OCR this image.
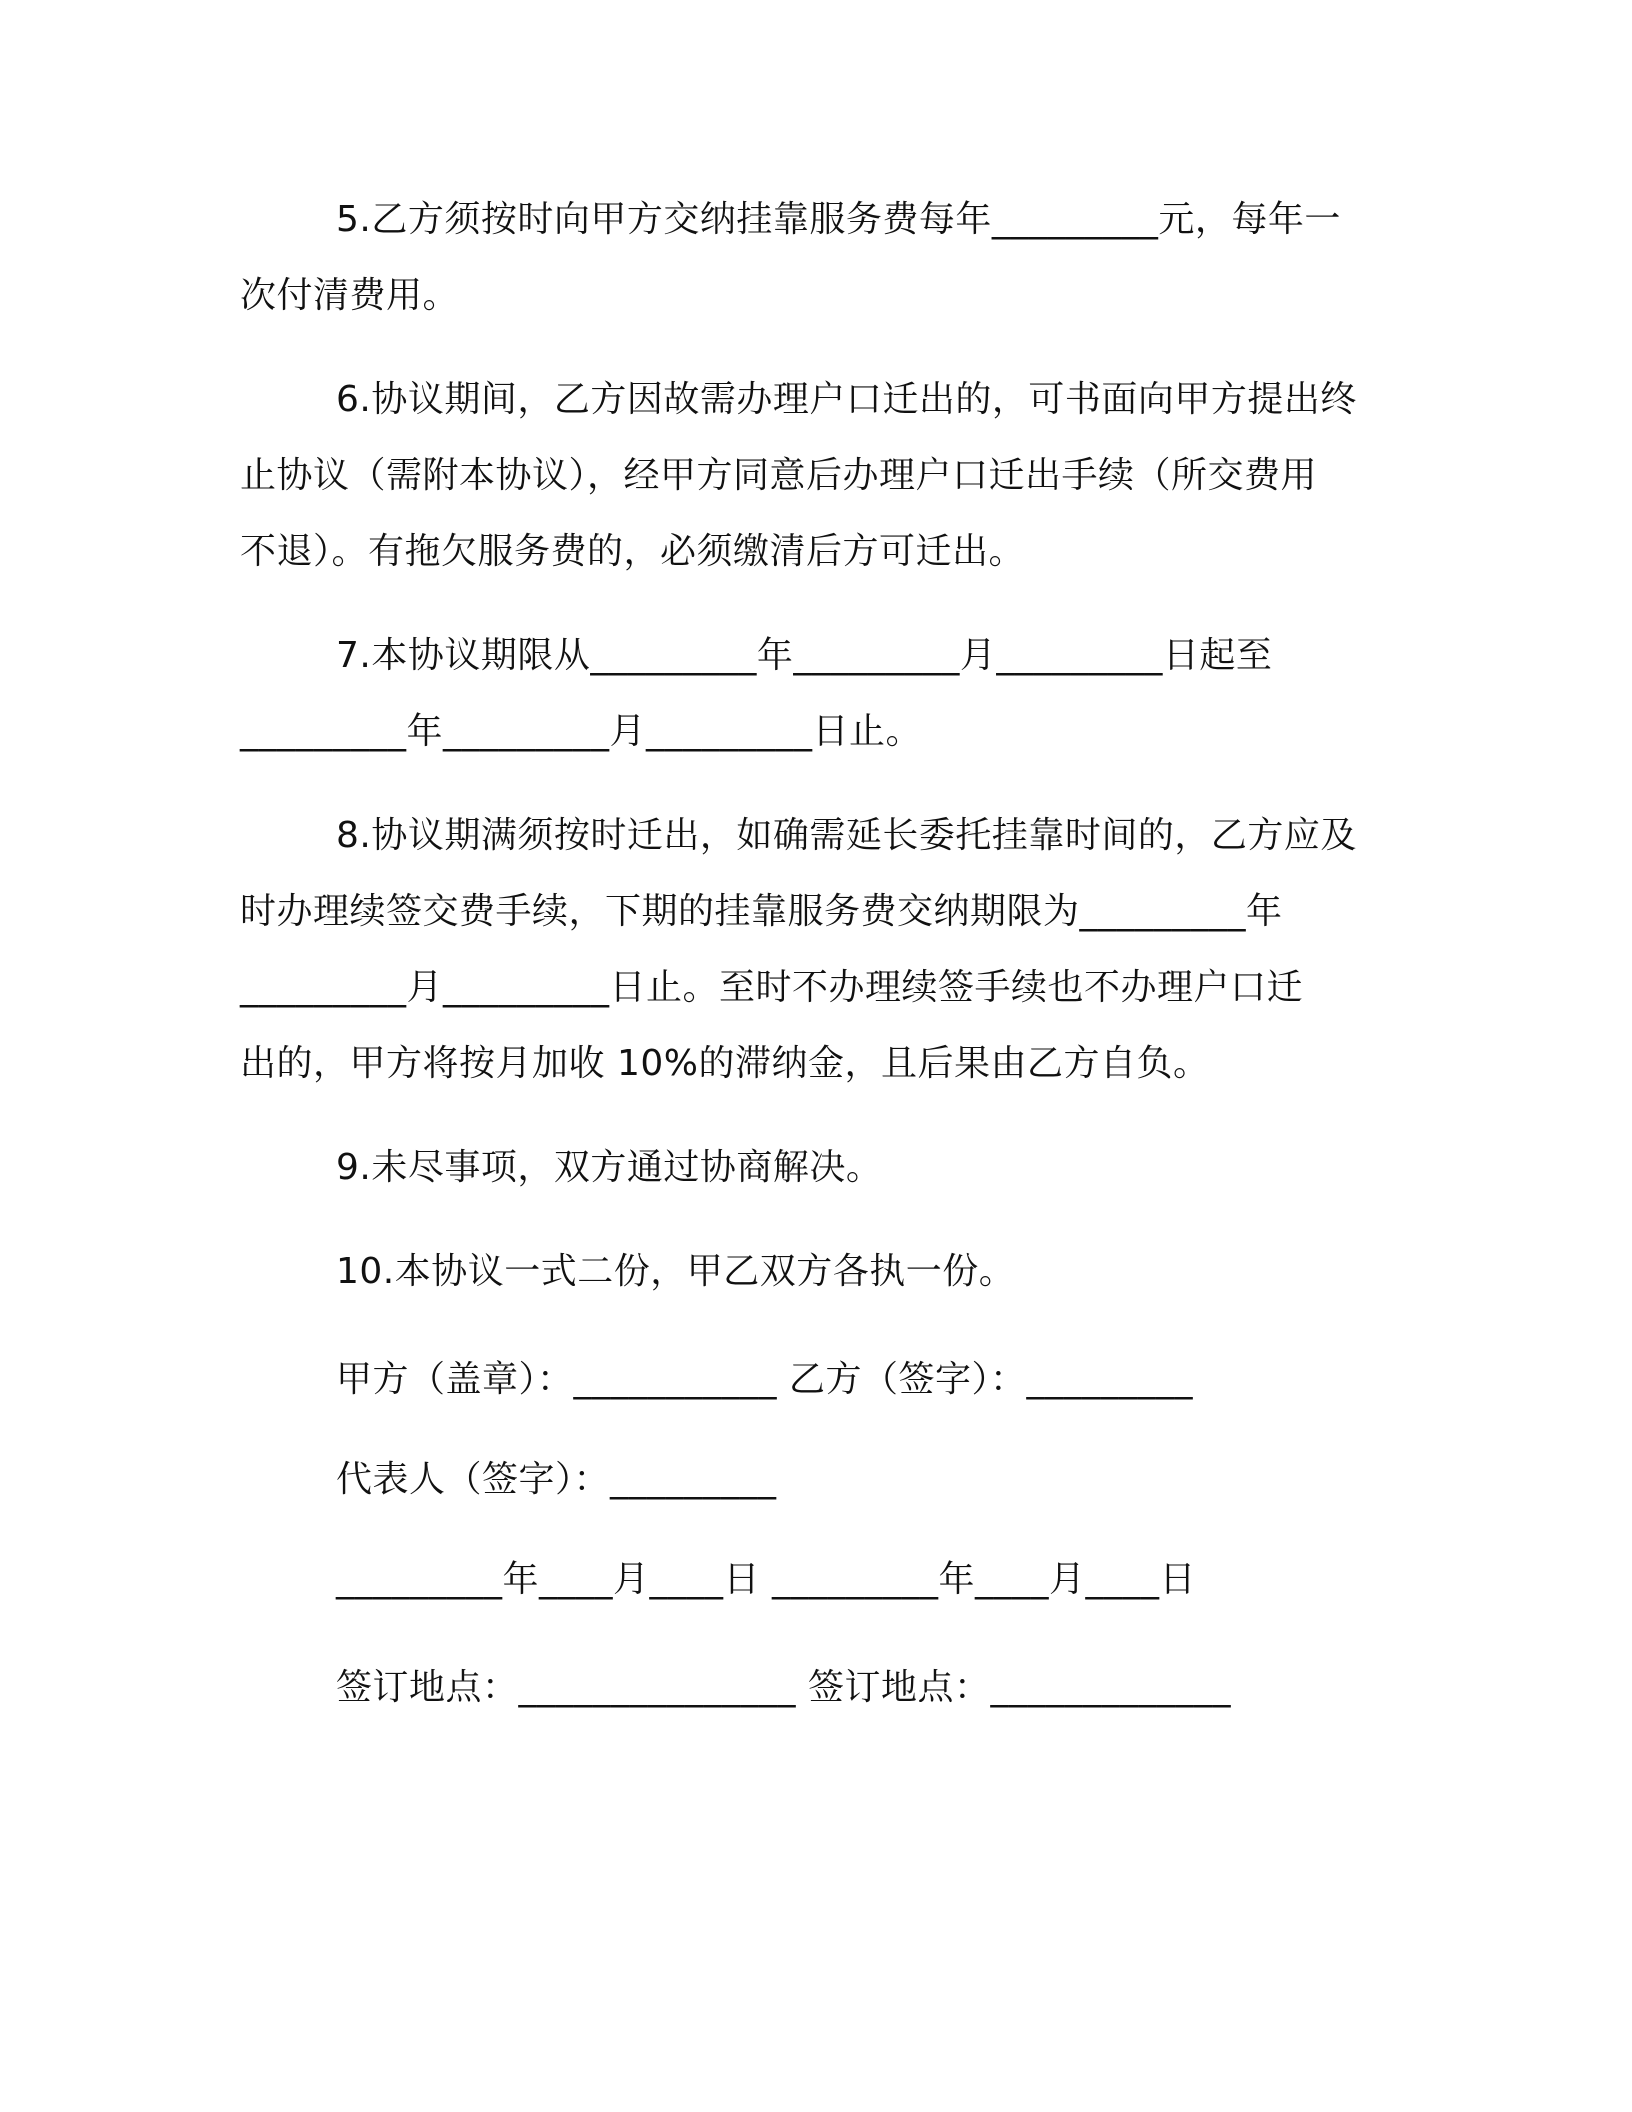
5.乙方须按时向甲方交纳挂靠服务费每年_________元，每年一
次付清费用。
6.协议期间，乙方因故需办理户口迁出的，可书面向甲方提出终
止协议（需附本协议），经甲方同意后办理户口迁出手续（所交费用
不退）。有拖欠服务费的，必须缴清后方可迁出。
7.本协议期限从_________年_________月_________日起至
_________年_________月_________日止。
8.协议期满须按时迁出，如确需延长委托挂靠时间的，乙方应及
时办理续签交费手续，下期的挂靠服务费交纳期限为_________年
_________月_________日止。至时不办理续签手续也不办理户口迁
出的，甲方将按月加收 10%的滞纳金，且后果由乙方自负。
9.未尽事项，双方通过协商解决。
10.本协议一式二份，甲乙双方各执一份。
甲方（盖章）：___________ 乙方（签字）：_________
代表人（签字）：_________
_________年____月____日 _________年____月____日
签订地点：_______________ 签订地点：_____________
